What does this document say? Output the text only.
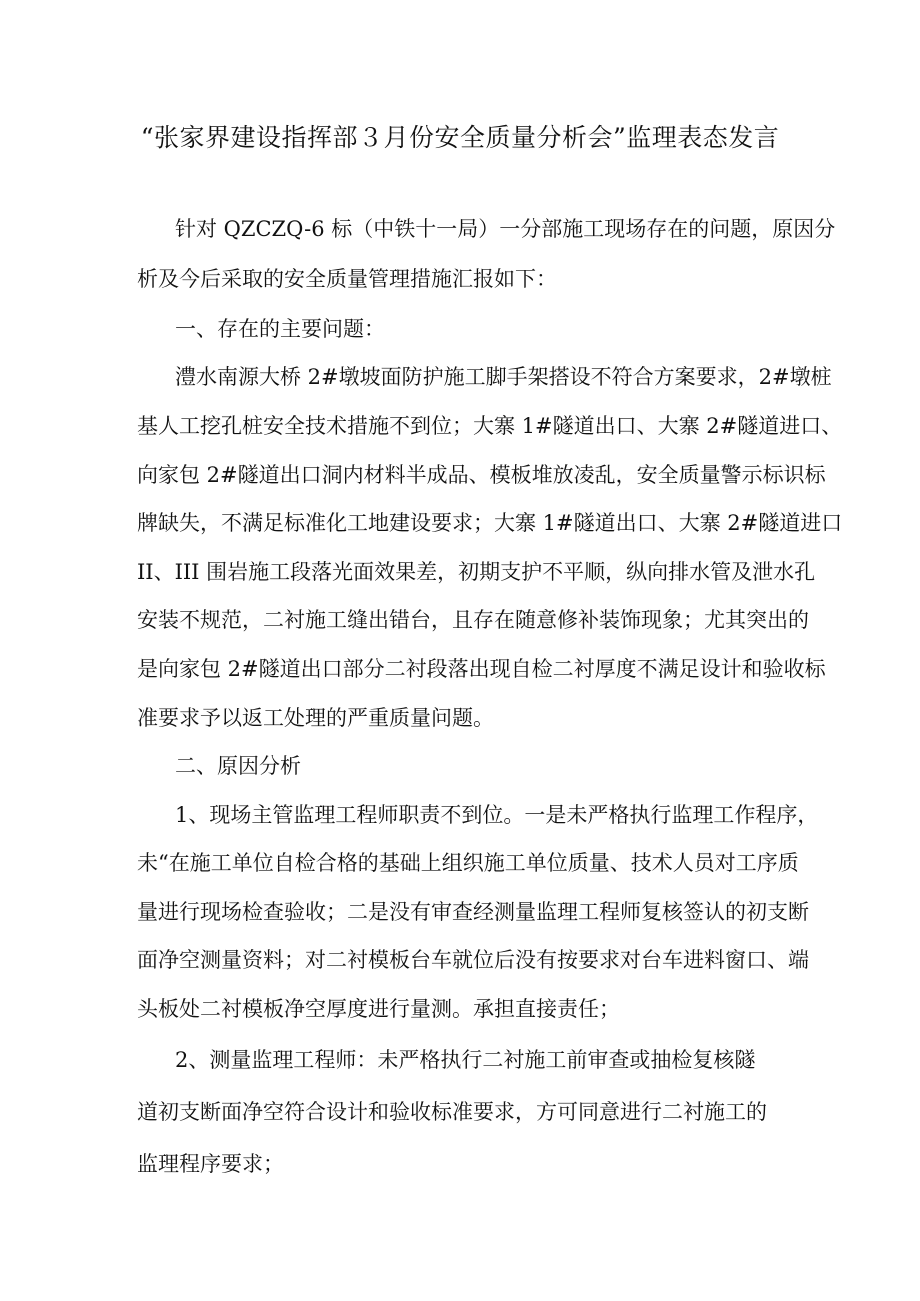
“张家界建设指挥部３月份安全质量分析会”监理表态发言
针对 QZCZQ-6 标（中铁十一局）一分部施工现场存在的问题，原因分
析及今后采取的安全质量管理措施汇报如下：
一、存在的主要问题：
澧水南源大桥 2#墩坡面防护施工脚手架搭设不符合方案要求，2#墩桩
基人工挖孔桩安全技术措施不到位；大寨 1#隧道出口、大寨 2#隧道进口、
向家包 2#隧道出口洞内材料半成品、模板堆放凌乱，安全质量警示标识标
牌缺失，不满足标准化工地建设要求；大寨 1#隧道出口、大寨 2#隧道进口
II、III 围岩施工段落光面效果差，初期支护不平顺，纵向排水管及泄水孔
安装不规范，二衬施工缝出错台，且存在随意修补装饰现象；尤其突出的
是向家包 2#隧道出口部分二衬段落出现自检二衬厚度不满足设计和验收标
准要求予以返工处理的严重质量问题。
二、原因分析
1、现场主管监理工程师职责不到位。一是未严格执行监理工作程序，
未“在施工单位自检合格的基础上组织施工单位质量、技术人员对工序质
量进行现场检查验收；二是没有审查经测量监理工程师复核签认的初支断
面净空测量资料；对二衬模板台车就位后没有按要求对台车进料窗口、端
头板处二衬模板净空厚度进行量测。承担直接责任；
2、测量监理工程师：未严格执行二衬施工前审查或抽检复核隧
道初支断面净空符合设计和验收标准要求，方可同意进行二衬施工的
监理程序要求；
